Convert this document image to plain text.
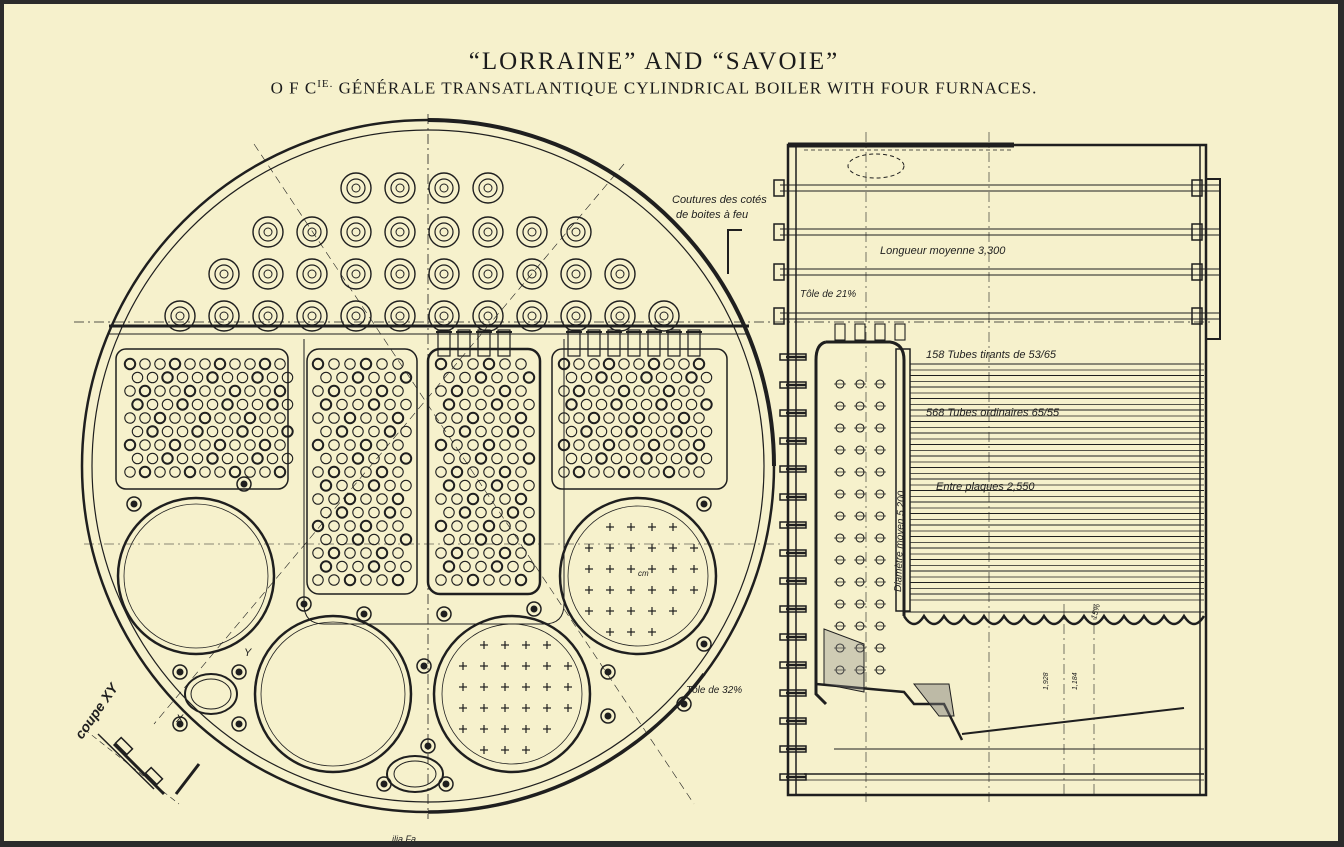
“LORRAINE” AND “SAVOIE”
O F $C^{IE.}$ GÉNÉRALE TRANSATLANTIQUE CYLINDRICAL BOILER WITH FOUR FURNACES.
Coutures des cotés
de boites à feu
Longueur moyenne 3,300
Tôle de 21%
158 Tubes tirants de 53/65
568 Tubes ordinaires 65/55
Entre plaques 2,550
Diamètre moyen 5,200
Tôle de 32%
coupe XY	1,928	1,184
15%
X
Y
cm
ilia Fa
